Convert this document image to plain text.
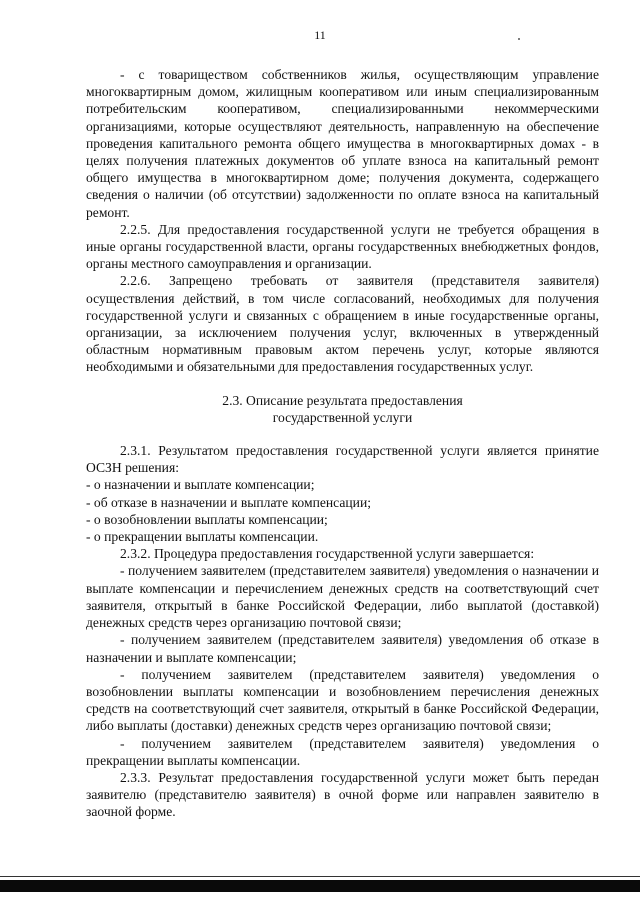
11

- с товариществом собственников жилья, осуществляющим управление многоквартирным домом, жилищным кооперативом или иным специализированным потребительским кооперативом, специализированными некоммерческими организациями, которые осуществляют деятельность, направленную на обеспечение проведения капитального ремонта общего имущества в многоквартирных домах - в целях получения платежных документов об уплате взноса на капитальный ремонт общего имущества в многоквартирном доме; получения документа, содержащего сведения о наличии (об отсутствии) задолженности по оплате взноса на капитальный ремонт.

2.2.5. Для предоставления государственной услуги не требуется обращения в иные органы государственной власти, органы государственных внебюджетных фондов, органы местного самоуправления и организации.

2.2.6. Запрещено требовать от заявителя (представителя заявителя) осуществления действий, в том числе согласований, необходимых для получения государственной услуги и связанных с обращением в иные государственные органы, организации, за исключением получения услуг, включенных в утвержденный областным нормативным правовым актом перечень услуг, которые являются необходимыми и обязательными для предоставления государственных услуг.

2.3. Описание результата предоставления
государственной услуги

2.3.1. Результатом предоставления государственной услуги является принятие ОСЗН решения:

- о назначении и выплате компенсации;

- об отказе в назначении и выплате компенсации;

- о возобновлении выплаты компенсации;

- о прекращении выплаты компенсации.

2.3.2. Процедура предоставления государственной услуги завершается:

- получением заявителем (представителем заявителя) уведомления о назначении и выплате компенсации и перечислением денежных средств на соответствующий счет заявителя, открытый в банке Российской Федерации, либо выплатой (доставкой) денежных средств через организацию почтовой связи;

- получением заявителем (представителем заявителя) уведомления об отказе в назначении и выплате компенсации;

- получением заявителем (представителем заявителя) уведомления о возобновлении выплаты компенсации и возобновлением перечисления денежных средств на соответствующий счет заявителя, открытый в банке Российской Федерации, либо выплаты (доставки) денежных средств через организацию почтовой связи;

- получением заявителем (представителем заявителя) уведомления о прекращении выплаты компенсации.

2.3.3. Результат предоставления государственной услуги может быть передан заявителю (представителю заявителя) в очной форме или направлен заявителю в заочной форме.
